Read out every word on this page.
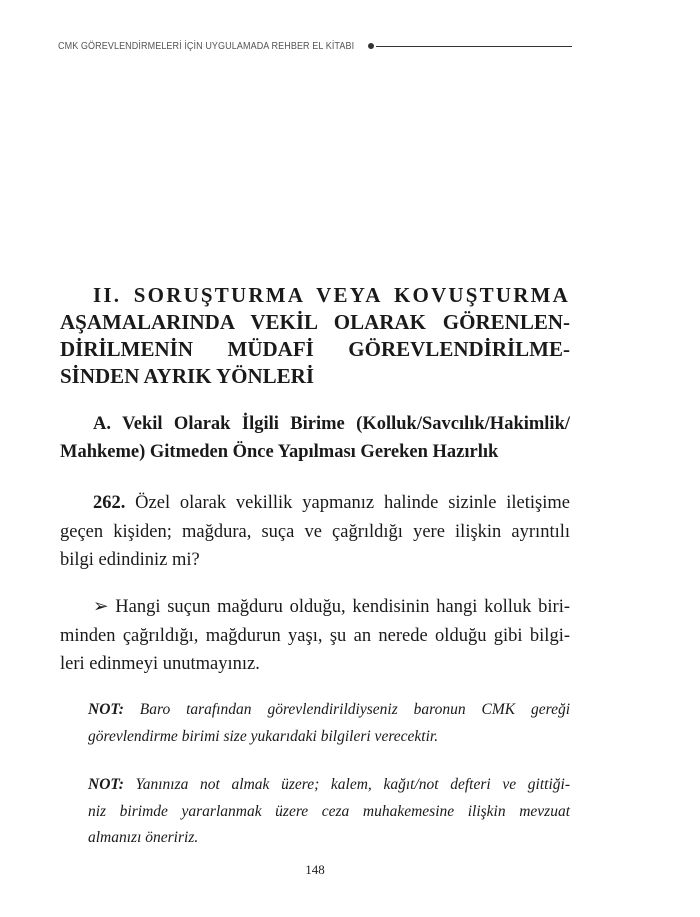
CMK GÖREVLENDİRMELERİ İÇİN UYGULAMADA REHBER EL KİTABI
II. SORUŞTURMA VEYA KOVUŞTURMA
AŞAMALARINDA VEKİL OLARAK GÖRENLEN-
DİRİLMENİN MÜDAFİ GÖREVLENDİRİLME-
SİNDEN AYRIK YÖNLERİ
A. Vekil Olarak İlgili Birime (Kolluk/Savcılık/Hakimlik/
Mahkeme) Gitmeden Önce Yapılması Gereken Hazırlık
262. Özel olarak vekillik yapmanız halinde sizinle iletişime
geçen kişiden; mağdura, suça ve çağrıldığı yere ilişkin ayrıntılı
bilgi edindiniz mi?
➢ Hangi suçun mağduru olduğu, kendisinin hangi kolluk biri-
minden çağrıldığı, mağdurun yaşı, şu an nerede olduğu gibi bilgi-
leri edinmeyi unutmayınız.
NOT: Baro tarafından görevlendirildiyseniz baronun CMK gereği
görevlendirme birimi size yukarıdaki bilgileri verecektir.
NOT: Yanınıza not almak üzere; kalem, kağıt/not defteri ve gittiği-
niz birimde yararlanmak üzere ceza muhakemesine ilişkin mevzuat
almanızı öneririz.
148
